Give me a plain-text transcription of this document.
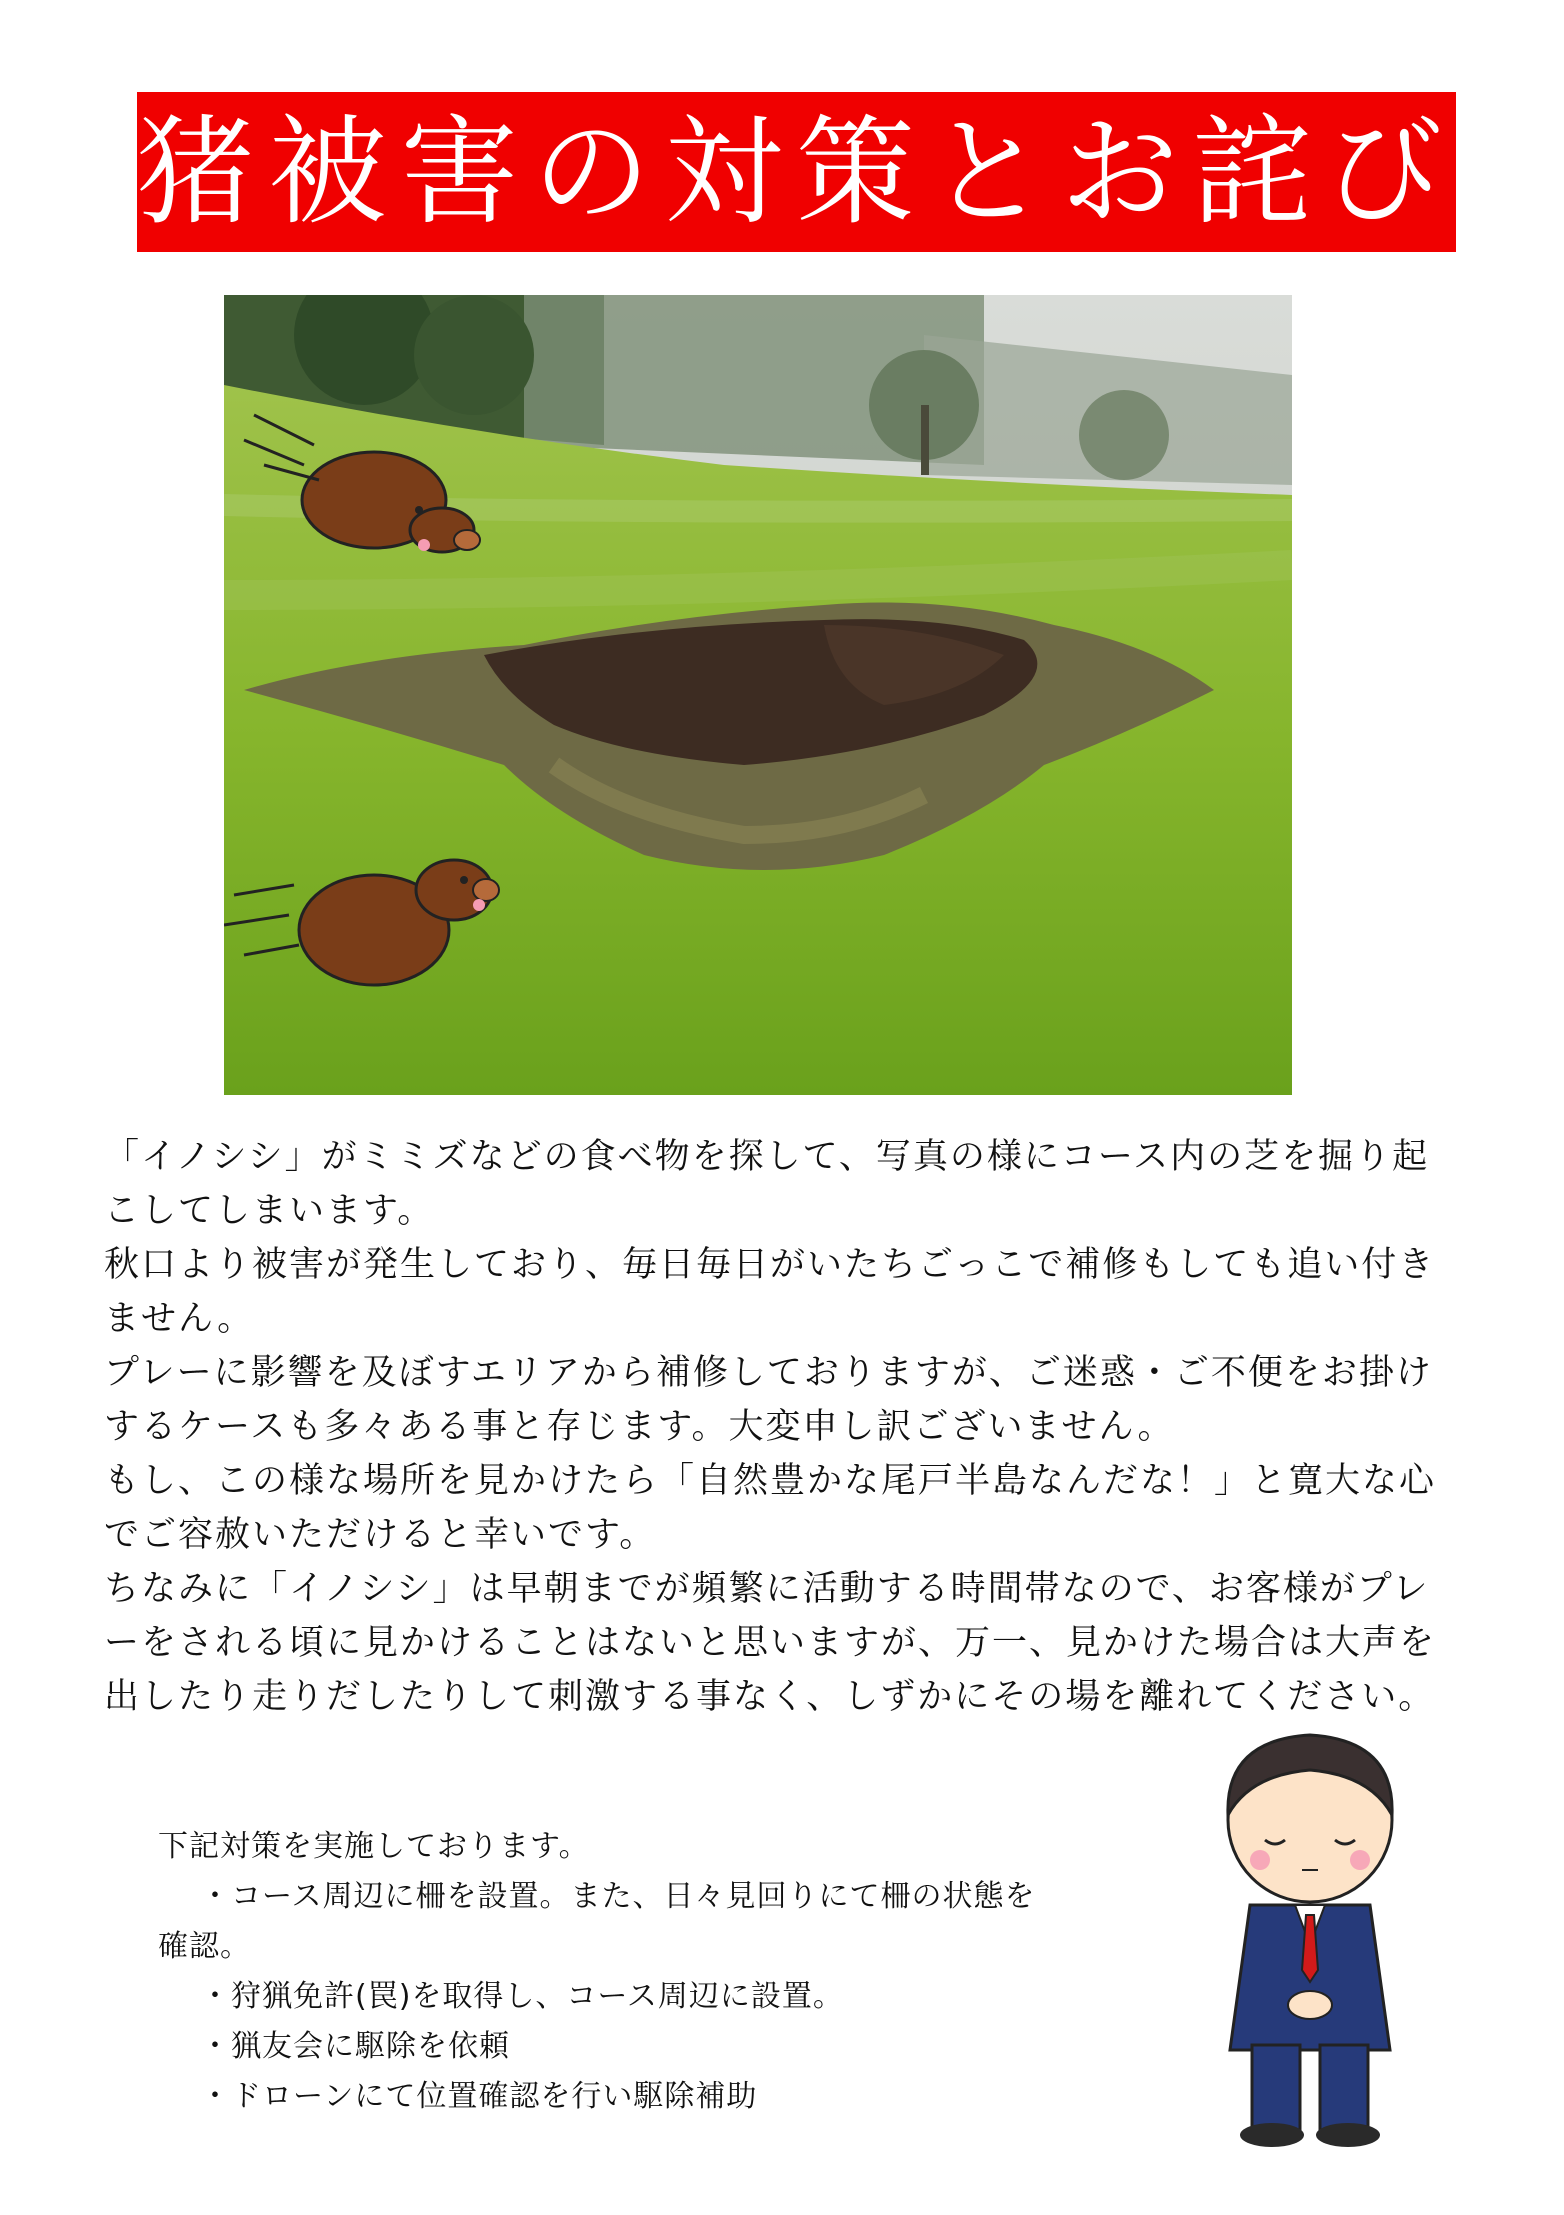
猪被害の対策とお詫び

「イノシシ」がミミズなどの食べ物を探して、写真の様にコース内の芝を掘り起こしてしまいます。

秋口より被害が発生しており、毎日毎日がいたちごっこで補修もしても追い付きません。

プレーに影響を及ぼすエリアから補修しておりますが、ご迷惑・ご不便をお掛けするケースも多々ある事と存じます。大変申し訳ございません。

もし、この様な場所を見かけたら「自然豊かな尾戸半島なんだな！」と寛大な心でご容赦いただけると幸いです。

ちなみに「イノシシ」は早朝までが頻繁に活動する時間帯なので、お客様がプレーをされる頃に見かけることはないと思いますが、万一、見かけた場合は大声を出したり走りだしたりして刺激する事なく、しずかにその場を離れてください。

下記対策を実施しております。

・コース周辺に柵を設置。また、日々見回りにて柵の状態を

確認。

・狩猟免許(罠)を取得し、コース周辺に設置。

・猟友会に駆除を依頼

・ドローンにて位置確認を行い駆除補助
